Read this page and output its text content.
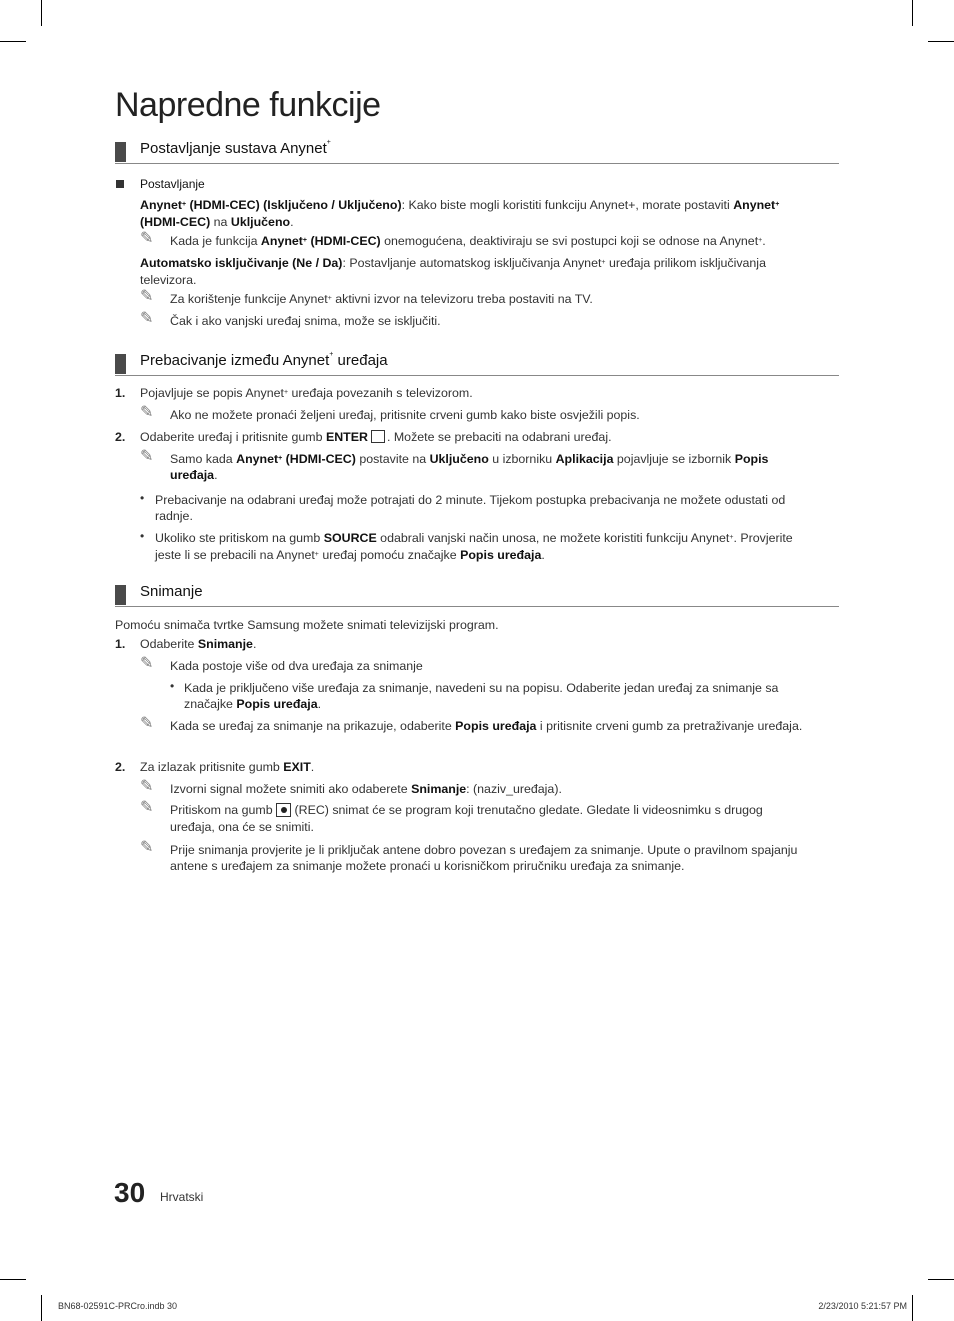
Napredne funkcije
Postavljanje sustava Anynet+
Postavljanje
Anynet+ (HDMI-CEC) (Isključeno / Uključeno): Kako biste mogli koristiti funkciju Anynet+, morate postaviti Anynet+
(HDMI-CEC) na Uključeno.
✎ Kada je funkcija Anynet+ (HDMI-CEC) onemogućena, deaktiviraju se svi postupci koji se odnose na Anynet+.
Automatsko isključivanje (Ne / Da): Postavljanje automatskog isključivanja Anynet+ uređaja prilikom isključivanja
televizora.
✎ Za korištenje funkcije Anynet+ aktivni izvor na televizoru treba postaviti na TV.
✎ Čak i ako vanjski uređaj snima, može se isključiti.
Prebacivanje između Anynet+ uređaja
1. Pojavljuje se popis Anynet+ uređaja povezanih s televizorom.
✎ Ako ne možete pronaći željeni uređaj, pritisnite crveni gumb kako biste osvježili popis.
2. Odaberite uređaj i pritisnite gumb ENTER . Možete se prebaciti na odabrani uređaj.
✎ Samo kada Anynet+ (HDMI-CEC) postavite na Uključeno u izborniku Aplikacija pojavljuje se izbornik Popis
uređaja.
• Prebacivanje na odabrani uređaj može potrajati do 2 minute. Tijekom postupka prebacivanja ne možete odustati od
radnje.
• Ukoliko ste pritiskom na gumb SOURCE odabrali vanjski način unosa, ne možete koristiti funkciju Anynet+. Provjerite
jeste li se prebacili na Anynet+ uređaj pomoću značajke Popis uređaja.
Snimanje
Pomoću snimača tvrtke Samsung možete snimati televizijski program.
1. Odaberite Snimanje.
✎ Kada postoje više od dva uređaja za snimanje
• Kada je priključeno više uređaja za snimanje, navedeni su na popisu. Odaberite jedan uređaj za snimanje sa
značajke Popis uređaja.
✎ Kada se uređaj za snimanje na prikazuje, odaberite Popis uređaja i pritisnite crveni gumb za pretraživanje uređaja.
2. Za izlazak pritisnite gumb EXIT.
✎ Izvorni signal možete snimiti ako odaberete Snimanje: (naziv_uređaja).
✎ Pritiskom na gumb  (REC) snimat će se program koji trenutačno gledate. Gledate li videosnimku s drugog
uređaja, ona će se snimiti.
✎ Prije snimanja provjerite je li priključak antene dobro povezan s uređajem za snimanje. Upute o pravilnom spajanju
antene s uređajem za snimanje možete pronaći u korisničkom priručniku uređaja za snimanje.
30 Hrvatski
BN68-02591C-PRCro.indb 30	2/23/2010 5:21:57 PM
